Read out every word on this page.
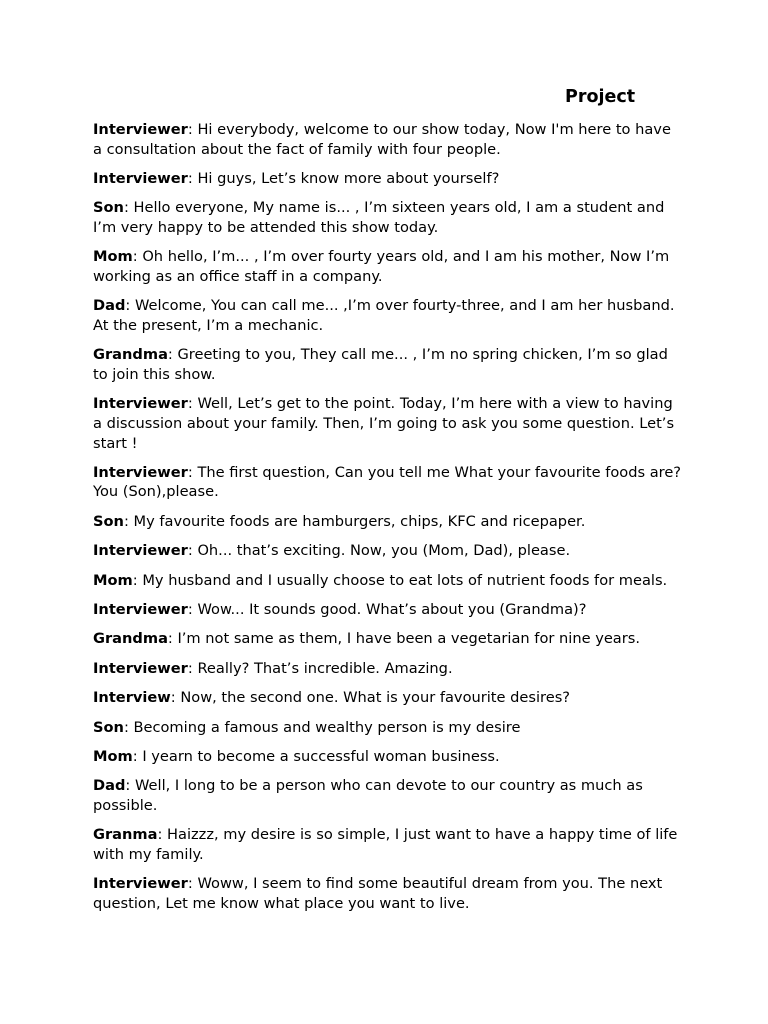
Project

Interviewer: Hi everybody, welcome to our show today, Now I'm here to have a consultation about the fact of family with four people.

Interviewer: Hi guys, Let’s know more about yourself?

Son: Hello everyone, My name is... , I’m sixteen years old, I am a student and I’m very happy to be attended this show today.

Mom: Oh hello, I’m... , I’m over fourty years old, and I am his mother, Now I’m working as an office staff in a company.

Dad: Welcome, You can call me... ,I’m over fourty-three, and I am her husband. At the present, I’m a mechanic.

Grandma: Greeting to you, They call me... , I’m no spring chicken, I’m so glad to join this show.

Interviewer: Well, Let’s get to the point. Today, I’m here with a view to having a discussion about your family. Then, I’m going to ask you some question. Let’s start !

Interviewer: The first question, Can you tell me What your favourite foods are? You (Son),please.

Son: My favourite foods are hamburgers, chips, KFC and ricepaper.

Interviewer: Oh... that’s exciting. Now, you (Mom, Dad), please.

Mom: My husband and I usually choose to eat lots of nutrient foods for meals.

Interviewer: Wow... It sounds good. What’s about you (Grandma)?

Grandma: I’m not same as them, I have been a vegetarian for nine years.

Interviewer: Really? That’s incredible. Amazing.

Interview: Now, the second one. What is your favourite desires?

Son: Becoming a famous and wealthy person is my desire

Mom: I yearn to become a successful woman business.

Dad: Well, I long to be a person who can devote to our country as much as possible.

Granma: Haizzz, my desire is so simple, I just want to have a happy time of life with my family.

Interviewer: Woww, I seem to find some beautiful dream from you. The next question, Let me know what place you want to live.
